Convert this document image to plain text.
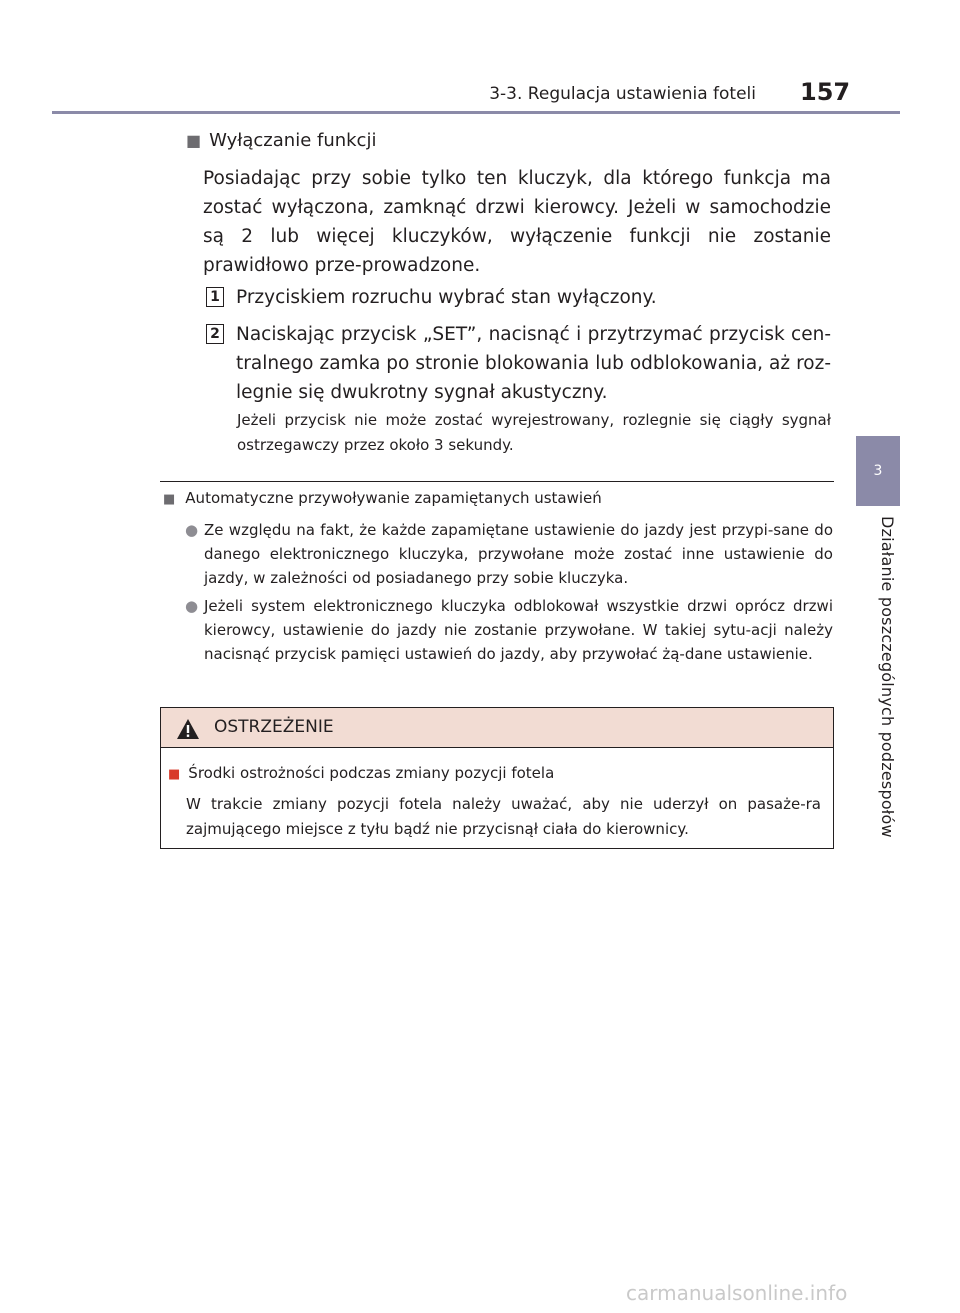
3-3. Regulacja ustawienia foteli 157
3
Działanie poszczególnych podzespołów
■ Wyłączanie funkcji
Posiadając przy sobie tylko ten kluczyk, dla którego funkcja ma zostać wyłączona, zamknąć drzwi kierowcy. Jeżeli w samochodzie są 2 lub więcej kluczyków, wyłączenie funkcji nie zostanie prawidłowo prze-prowadzone.
1 Przyciskiem rozruchu wybrać stan wyłączony.
2 Naciskając przycisk „SET”, nacisnąć i przytrzymać przycisk cen-tralnego zamka po stronie blokowania lub odblokowania, aż roz-legnie się dwukrotny sygnał akustyczny.
Jeżeli przycisk nie może zostać wyrejestrowany, rozlegnie się ciągły sygnał ostrzegawczy przez około 3 sekundy.
■ Automatyczne przywoływanie zapamiętanych ustawień
● Ze względu na fakt, że każde zapamiętane ustawienie do jazdy jest przypi-sane do danego elektronicznego kluczyka, przywołane może zostać inne ustawienie do jazdy, w zależności od posiadanego przy sobie kluczyka.
● Jeżeli system elektronicznego kluczyka odblokował wszystkie drzwi oprócz drzwi kierowcy, ustawienie do jazdy nie zostanie przywołane. W takiej sytu-acji należy nacisnąć przycisk pamięci ustawień do jazdy, aby przywołać żą-dane ustawienie.
OSTRZEŻENIE
■ Środki ostrożności podczas zmiany pozycji fotela
W trakcie zmiany pozycji fotela należy uważać, aby nie uderzył on pasaże-ra zajmującego miejsce z tyłu bądź nie przycisnął ciała do kierownicy.
carmanualsonline.info
